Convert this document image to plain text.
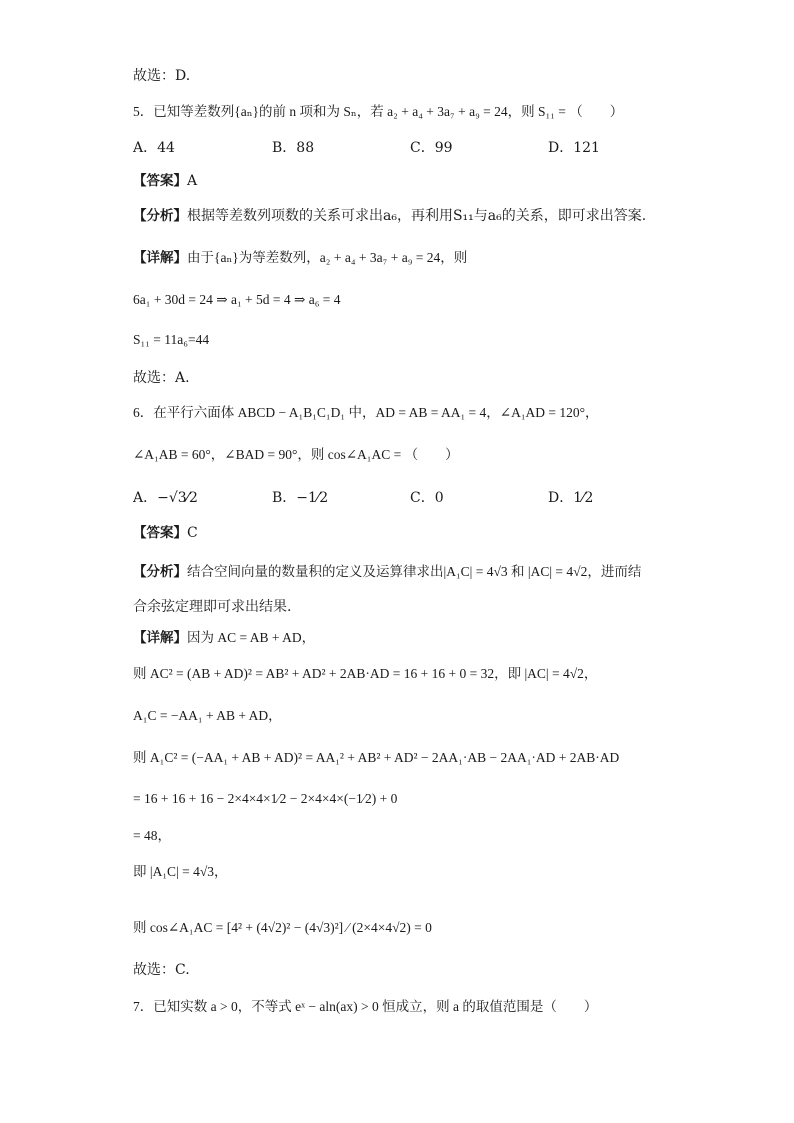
故选：D.
5．已知等差数列{aₙ}的前 n 项和为 Sₙ，若 a₂ + a₄ + 3a₇ + a₉ = 24，则 S₁₁ = （　　）
A．44	B．88	C．99	D．121
【答案】A
【分析】根据等差数列项数的关系可求出a₆，再利用S₁₁与a₆的关系，即可求出答案.
【详解】由于{aₙ}为等差数列，a₂ + a₄ + 3a₇ + a₉ = 24，则
6a₁ + 30d = 24 ⇒ a₁ + 5d = 4 ⇒ a₆ = 4
S₁₁ = 11a₆=44
故选：A.
6．在平行六面体 ABCD − A₁B₁C₁D₁ 中，AD = AB = AA₁ = 4，∠A₁AD = 120°，
∠A₁AB = 60°，∠BAD = 90°，则 cos∠A₁AC = （　　）
A．−√3⁄2	B．−1⁄2	C．0	D．1⁄2
【答案】C
【分析】结合空间向量的数量积的定义及运算律求出|A₁C| = 4√3 和 |AC| = 4√2，进而结
合余弦定理即可求出结果.
【详解】因为 AC = AB + AD，
则 AC² = (AB + AD)² = AB² + AD² + 2AB·AD = 16 + 16 + 0 = 32，即 |AC| = 4√2，
A₁C = −AA₁ + AB + AD，
则 A₁C² = (−AA₁ + AB + AD)² = AA₁² + AB² + AD² − 2AA₁·AB − 2AA₁·AD + 2AB·AD
= 16 + 16 + 16 − 2×4×4×1⁄2 − 2×4×4×(−1⁄2) + 0
= 48，
即 |A₁C| = 4√3，
则 cos∠A₁AC = [4² + (4√2)² − (4√3)²] ⁄ (2×4×4√2) = 0
故选：C.
7．已知实数 a > 0，不等式 eˣ − aln(ax) > 0 恒成立，则 a 的取值范围是（　　）
